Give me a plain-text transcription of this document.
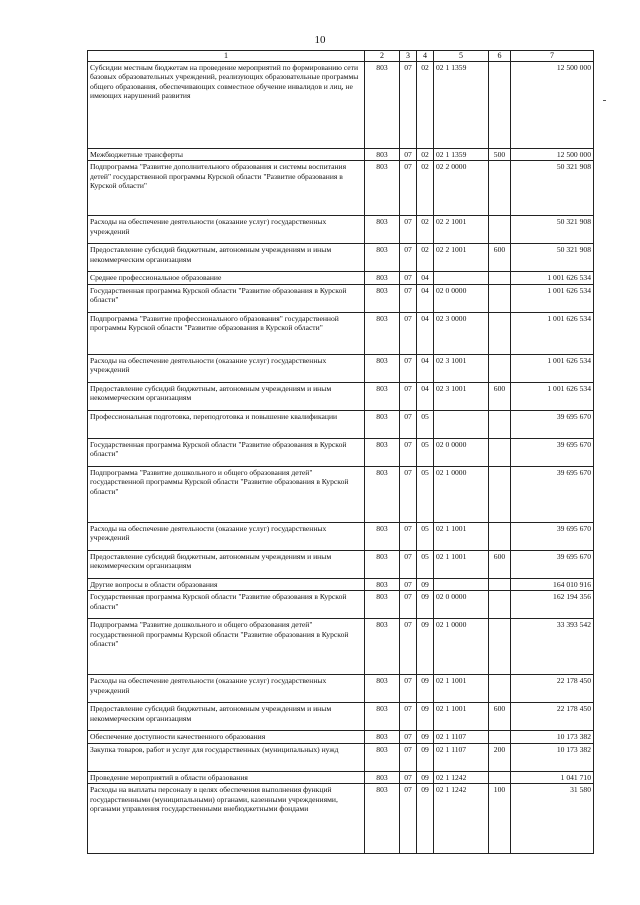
10
1	2	3	4	5	6	7
Субсидии местным бюджетам на проведение мероприятий по формированию сети базовых образовательных учреждений, реализующих образовательные программы общего образования, обеспечивающих совместное обучение инвалидов и лиц, не имеющих нарушений развития	803	07	02	02 1 1359		12 500 000
Межбюджетные трансферты	803	07	02	02 1 1359	500	12 500 000
Подпрограмма "Развитие дополнительного образования и системы воспитания детей" государственной программы Курской области "Развитие образования в Курской области"	803	07	02	02 2 0000		50 321 908
Расходы на обеспечение деятельности (оказание услуг) государственных учреждений	803	07	02	02 2 1001		50 321 908
Предоставление субсидий бюджетным, автономным учреждениям и иным некоммерческим организациям	803	07	02	02 2 1001	600	50 321 908
Среднее профессиональное образование	803	07	04			1 001 626 534
Государственная программа Курской области "Развитие образования в Курской области"	803	07	04	02 0 0000		1 001 626 534
Подпрограмма "Развитие профессионального образования" государственной программы Курской области "Развитие образования в Курской области"	803	07	04	02 3 0000		1 001 626 534
Расходы на обеспечение деятельности (оказание услуг) государственных учреждений	803	07	04	02 3 1001		1 001 626 534
Предоставление субсидий бюджетным, автономным учреждениям и иным некоммерческим организациям	803	07	04	02 3 1001	600	1 001 626 534
Профессиональная подготовка, переподготовка и повышение квалификации	803	07	05			39 695 670
Государственная программа Курской области "Развитие образования в Курской области"	803	07	05	02 0 0000		39 695 670
Подпрограмма "Развитие дошкольного и общего образования детей" государственной программы Курской области "Развитие образования в Курской области"	803	07	05	02 1 0000		39 695 670
Расходы на обеспечение деятельности (оказание услуг) государственных учреждений	803	07	05	02 1 1001		39 695 670
Предоставление субсидий бюджетным, автономным учреждениям и иным некоммерческим организациям	803	07	05	02 1 1001	600	39 695 670
Другие вопросы в области образования	803	07	09			164 010 916
Государственная программа Курской области "Развитие образования в Курской области"	803	07	09	02 0 0000		162 194 356
Подпрограмма "Развитие дошкольного и общего образования детей" государственной программы Курской области "Развитие образования в Курской области"	803	07	09	02 1 0000		33 393 542
Расходы на обеспечение деятельности (оказание услуг) государственных учреждений	803	07	09	02 1 1001		22 178 450
Предоставление субсидий бюджетным, автономным учреждениям и иным некоммерческим организациям	803	07	09	02 1 1001	600	22 178 450
Обеспечение доступности качественного образования	803	07	09	02 1 1107		10 173 382
Закупка товаров, работ и услуг для государственных (муниципальных) нужд	803	07	09	02 1 1107	200	10 173 382
Проведение мероприятий в области образования	803	07	09	02 1 1242		1 041 710
Расходы на выплаты персоналу в целях обеспечения выполнения функций государственными (муниципальными) органами, казенными учреждениями, органами управления государственными внебюджетными фондами	803	07	09	02 1 1242	100	31 580
